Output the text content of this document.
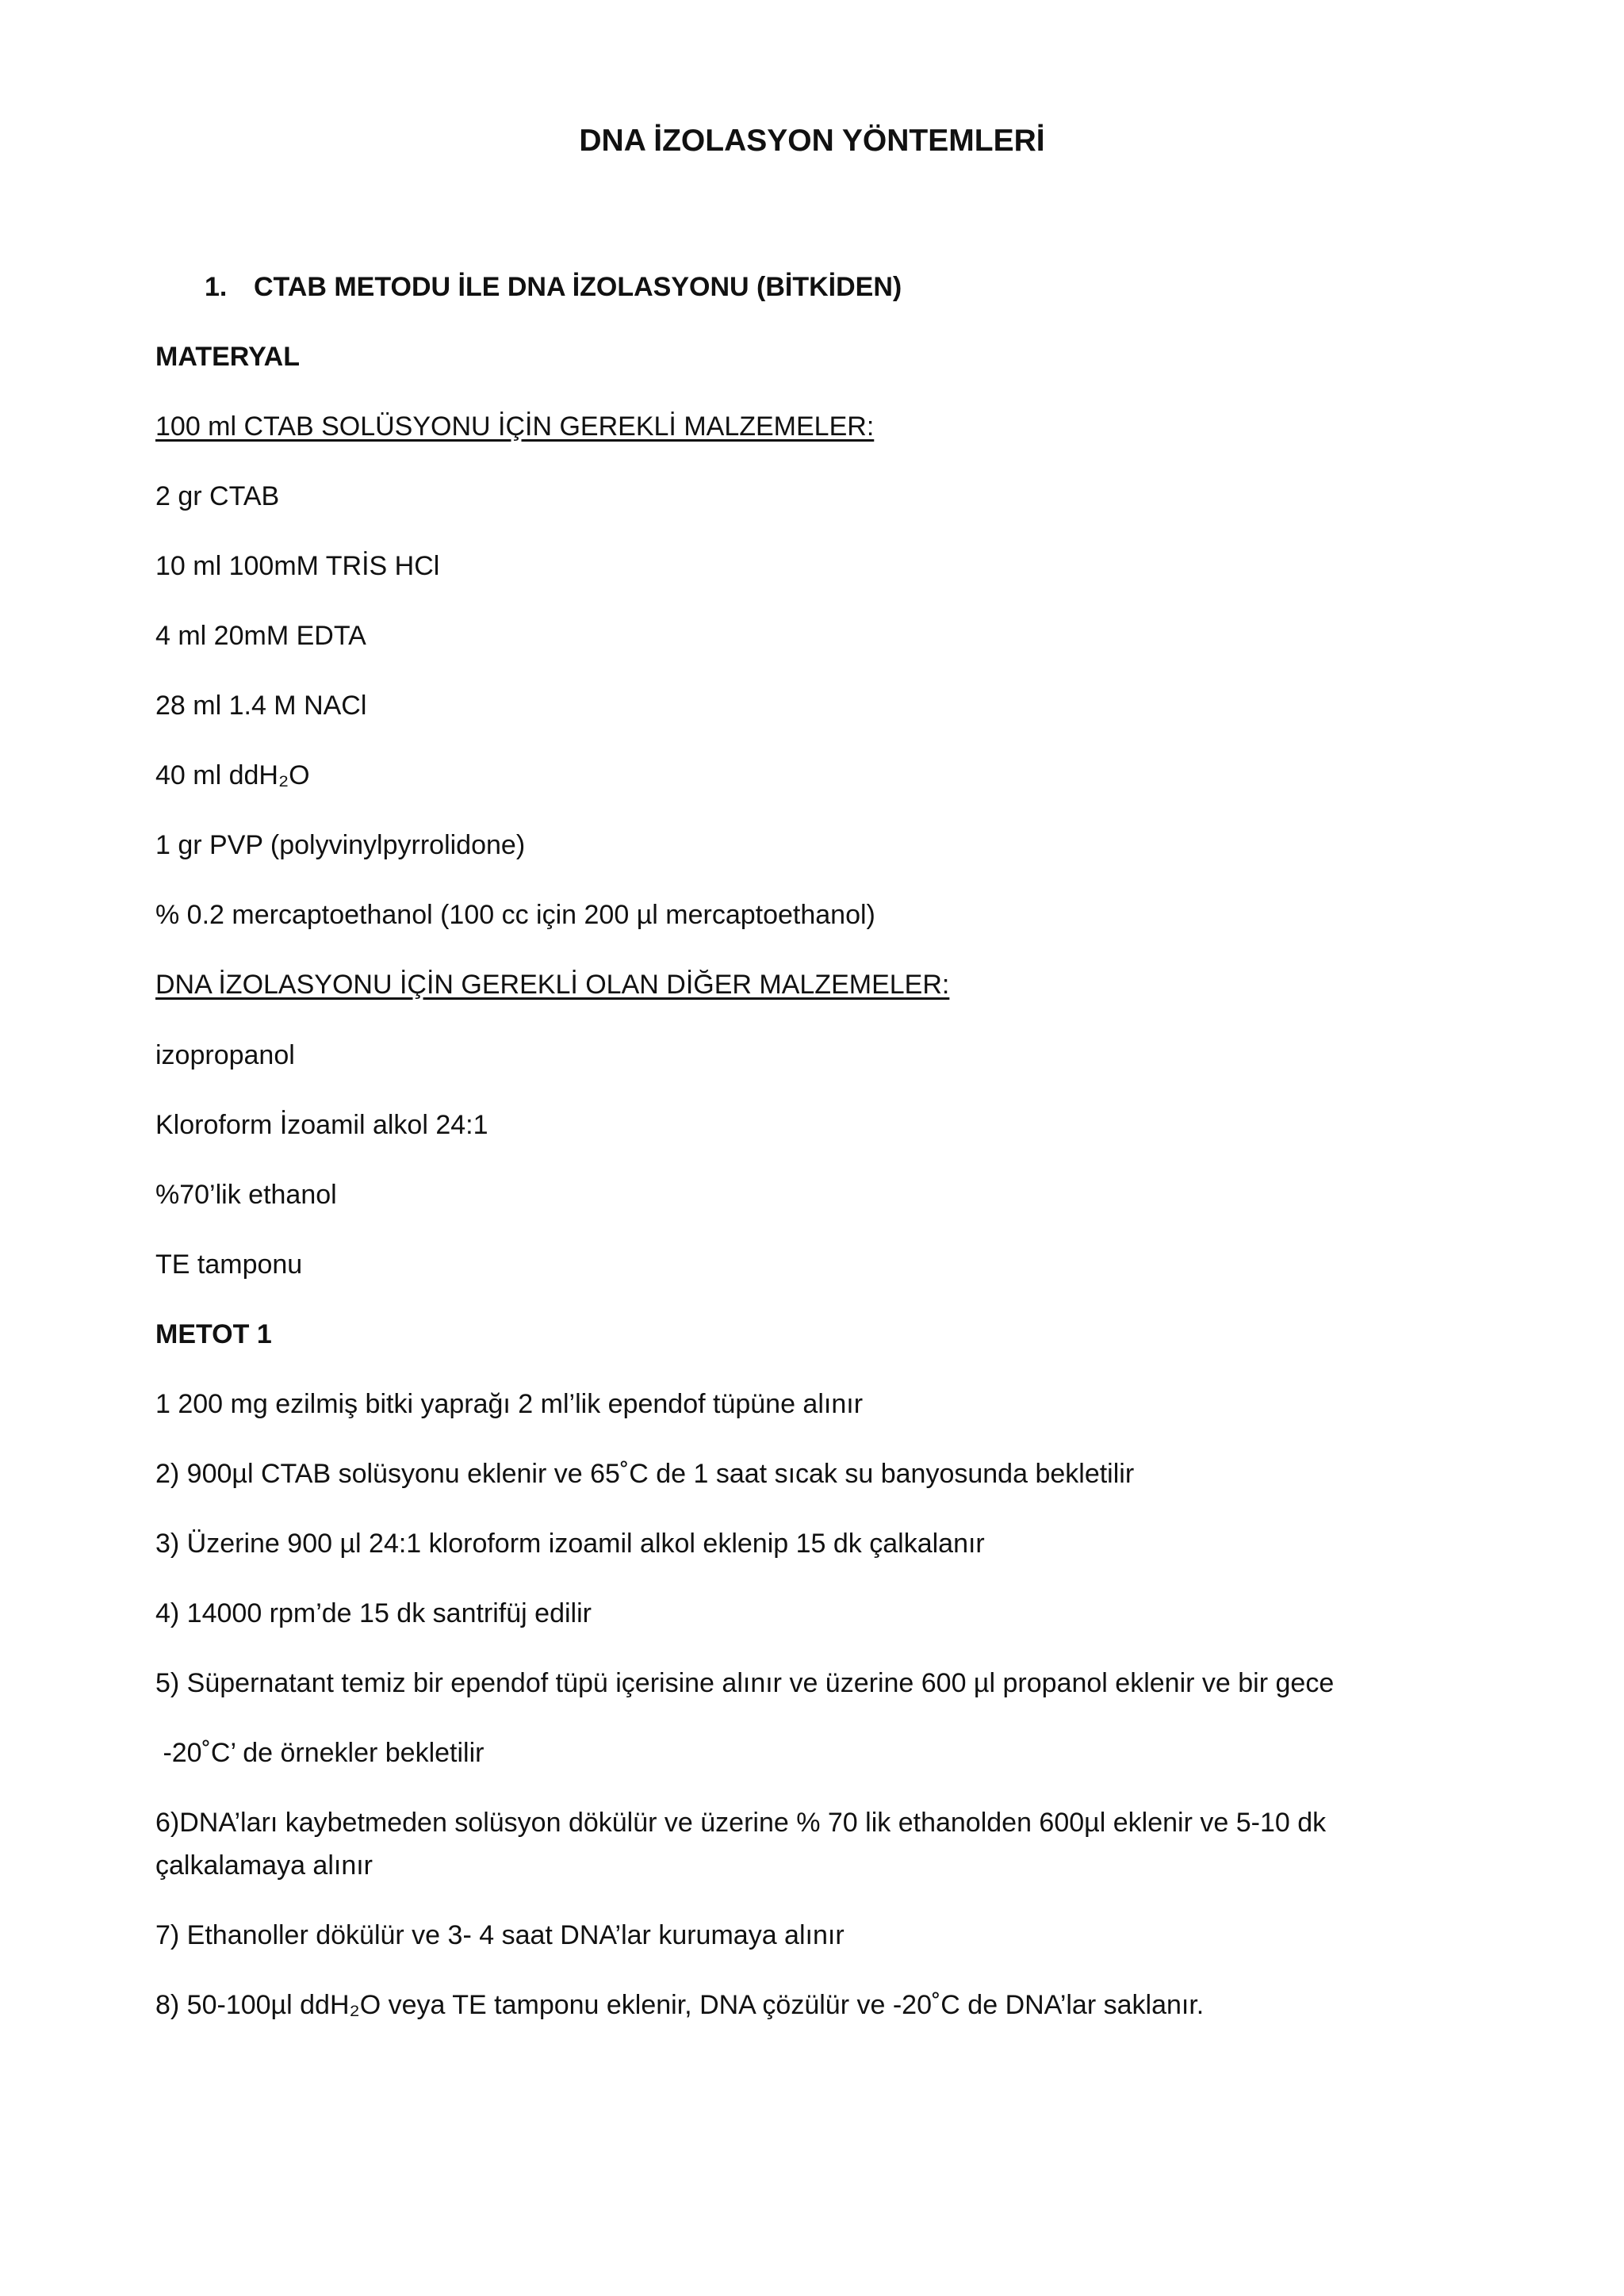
DNA İZOLASYON YÖNTEMLERİ
1. CTAB METODU İLE DNA İZOLASYONU (BİTKİDEN)
MATERYAL
100 ml CTAB SOLÜSYONU İÇİN GEREKLİ MALZEMELER:
2 gr CTAB
10 ml 100mM TRİS HCl
4 ml 20mM EDTA
28 ml 1.4 M NACl
40 ml ddH₂O
1 gr PVP (polyvinylpyrrolidone)
% 0.2 mercaptoethanol (100 cc için 200 µl mercaptoethanol)
DNA İZOLASYONU İÇİN GEREKLİ OLAN DİĞER MALZEMELER:
izopropanol
Kloroform İzoamil alkol 24:1
%70’lik ethanol
TE tamponu
METOT 1
1 200 mg ezilmiş bitki yaprağı 2 ml’lik ependof tüpüne alınır
2) 900µl CTAB solüsyonu eklenir ve 65˚C de 1 saat sıcak su banyosunda bekletilir
3) Üzerine 900 µl 24:1 kloroform izoamil alkol eklenip 15 dk çalkalanır
4) 14000 rpm’de 15 dk santrifüj edilir
5) Süpernatant temiz bir ependof tüpü içerisine alınır ve üzerine 600 µl propanol eklenir ve bir gece
-20˚C’ de örnekler bekletilir
6)DNA’ları kaybetmeden solüsyon dökülür ve üzerine % 70 lik ethanolden 600µl eklenir ve 5-10 dk
çalkalamaya alınır
7) Ethanoller dökülür ve 3- 4 saat DNA’lar kurumaya alınır
8) 50-100µl ddH₂O veya TE tamponu eklenir, DNA çözülür ve -20˚C de DNA’lar saklanır.
